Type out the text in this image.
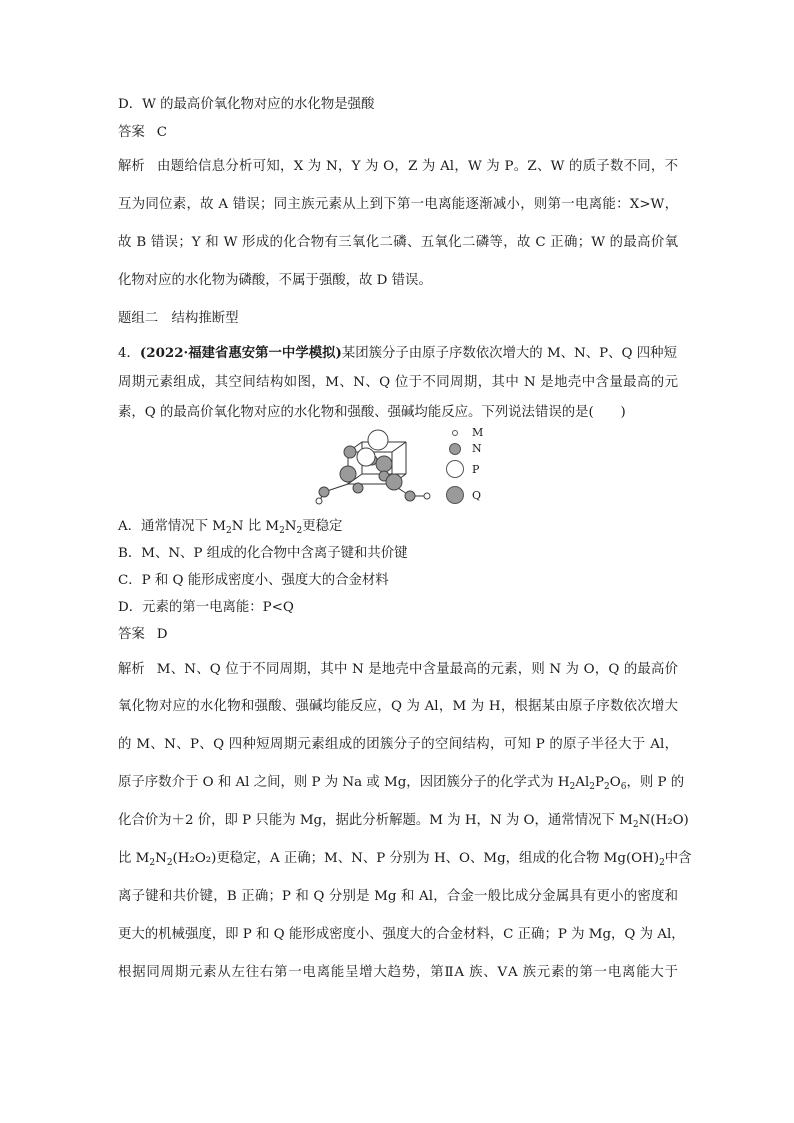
D．W 的最高价氧化物对应的水化物是强酸
答案 C
解析 由题给信息分析可知，X 为 N，Y 为 O，Z 为 Al，W 为 P。Z、W 的质子数不同，不
互为同位素，故 A 错误；同主族元素从上到下第一电离能逐渐减小，则第一电离能：X>W，
故 B 错误；Y 和 W 形成的化合物有三氧化二磷、五氧化二磷等，故 C 正确；W 的最高价氧
化物对应的水化物为磷酸，不属于强酸，故 D 错误。
题组二　结构推断型
4．(2022·福建省惠安第一中学模拟)某团簇分子由原子序数依次增大的 M、N、P、Q 四种短
周期元素组成，其空间结构如图，M、N、Q 位于不同周期，其中 N 是地壳中含量最高的元
素，Q 的最高价氧化物对应的水化物和强酸、强碱均能反应。下列说法错误的是(　　)
M
N
P
Q
A．通常情况下 $M_2N$ 比 $M_2N_2$更稳定
B．M、N、P 组成的化合物中含离子键和共价键
C．P 和 Q 能形成密度小、强度大的合金材料
D．元素的第一电离能：P<Q
答案 D
解析 M、N、Q 位于不同周期，其中 N 是地壳中含量最高的元素，则 N 为 O，Q 的最高价
氧化物对应的水化物和强酸、强碱均能反应，Q 为 Al，M 为 H，根据某由原子序数依次增大
的 M、N、P、Q 四种短周期元素组成的团簇分子的空间结构，可知 P 的原子半径大于 Al，
原子序数介于 O 和 Al 之间，则 P 为 Na 或 Mg，因团簇分子的化学式为 $H_2Al_2P_2O_6$，则 P 的
化合价为＋2 价，即 P 只能为 Mg，据此分析解题。M 为 H，N 为 O，通常情况下 $M_2N(H_2O)$
比 $M_2N_2(H_2O_2)$更稳定，A 正确；M、N、P 分别为 H、O、Mg，组成的化合物 $Mg(OH)_2$中含
离子键和共价键，B 正确；P 和 Q 分别是 Mg 和 Al，合金一般比成分金属具有更小的密度和
更大的机械强度，即 P 和 Q 能形成密度小、强度大的合金材料，C 正确；P 为 Mg，Q 为 Al，
根据同周期元素从左往右第一电离能呈增大趋势，第ⅡA 族、ⅤA 族元素的第一电离能大于
